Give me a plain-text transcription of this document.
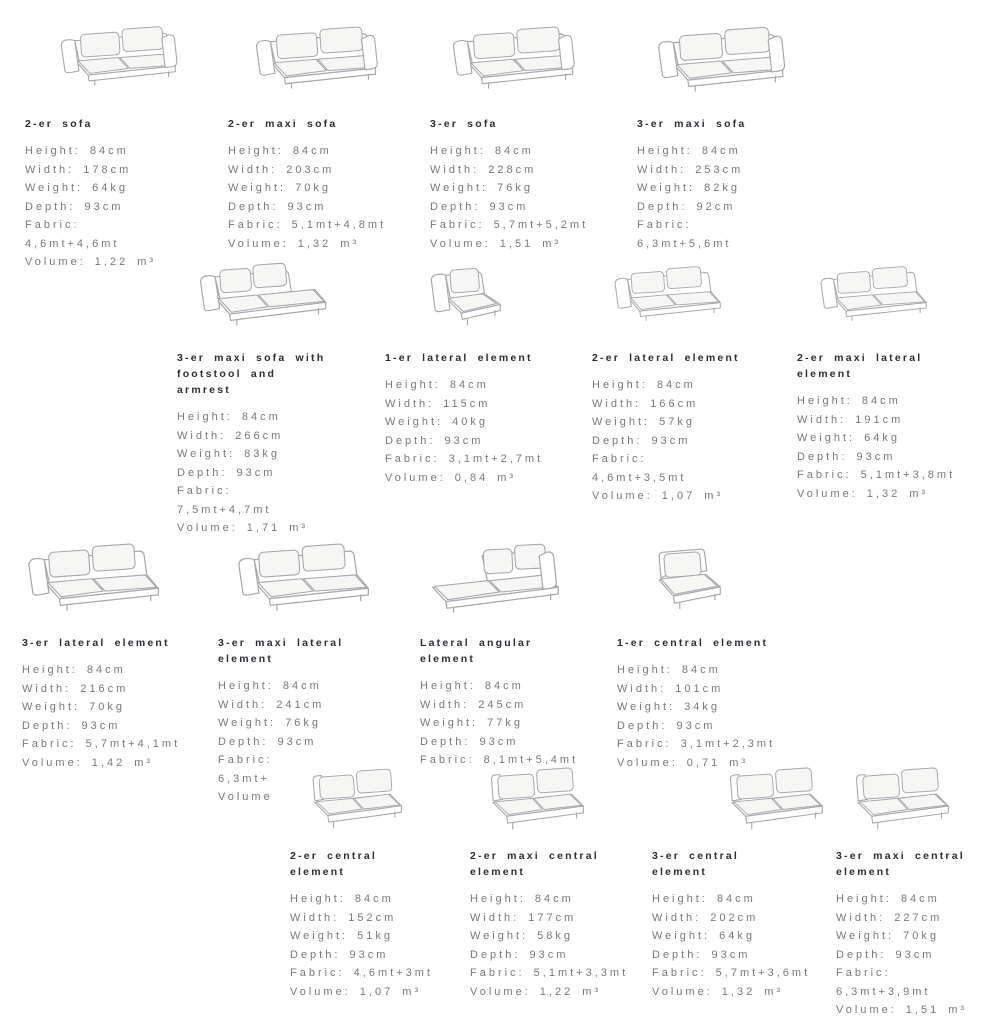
2-er sofa
Height: 84cm
Width: 178cm
Weight: 64kg
Depth: 93cm
Fabric:
4,6mt+4,6mt
Volume: 1,22 m³
2-er maxi sofa
Height: 84cm
Width: 203cm
Weight: 70kg
Depth: 93cm
Fabric: 5,1mt+4,8mt
Volume: 1,32 m³
3-er sofa
Height: 84cm
Width: 228cm
Weight: 76kg
Depth: 93cm
Fabric: 5,7mt+5,2mt
Volume: 1,51 m³
3-er maxi sofa
Height: 84cm
Width: 253cm
Weight: 82kg
Depth: 92cm
Fabric:
6,3mt+5,6mt
3-er maxi sofa with footstool and armrest
Height: 84cm
Width: 266cm
Weight: 83kg
Depth: 93cm
Fabric:
7,5mt+4,7mt
Volume: 1,71 m³
1-er lateral element
Height: 84cm
Width: 115cm
Weight: 40kg
Depth: 93cm
Fabric: 3,1mt+2,7mt
Volume: 0,84 m³
2-er lateral element
Height: 84cm
Width: 166cm
Weight: 57kg
Depth: 93cm
Fabric:
4,6mt+3,5mt
Volume: 1,07 m³
2-er maxi lateral element
Height: 84cm
Width: 191cm
Weight: 64kg
Depth: 93cm
Fabric: 5,1mt+3,8mt
Volume: 1,32 m³
3-er lateral element
Height: 84cm
Width: 216cm
Weight: 70kg
Depth: 93cm
Fabric: 5,7mt+4,1mt
Volume: 1,42 m³
3-er maxi lateral element
Height: 84cm
Width: 241cm
Weight: 76kg
Depth: 93cm
Fabric:
6,3mt+
Volume
Lateral angular element
Height: 84cm
Width: 245cm
Weight: 77kg
Depth: 93cm
Fabric: 8,1mt+5,4mt
1-er central element
Height: 84cm
Width: 101cm
Weight: 34kg
Depth: 93cm
Fabric: 3,1mt+2,3mt
Volume: 0,71 m³
2-er central element
Height: 84cm
Width: 152cm
Weight: 51kg
Depth: 93cm
Fabric: 4,6mt+3mt
Volume: 1,07 m³
2-er maxi central element
Height: 84cm
Width: 177cm
Weight: 58kg
Depth: 93cm
Fabric: 5,1mt+3,3mt
Volume: 1,22 m³
3-er central element
Height: 84cm
Width: 202cm
Weight: 64kg
Depth: 93cm
Fabric: 5,7mt+3,6mt
Volume: 1,32 m³
3-er maxi central element
Height: 84cm
Width: 227cm
Weight: 70kg
Depth: 93cm
Fabric:
6,3mt+3,9mt
Volume: 1,51 m³
